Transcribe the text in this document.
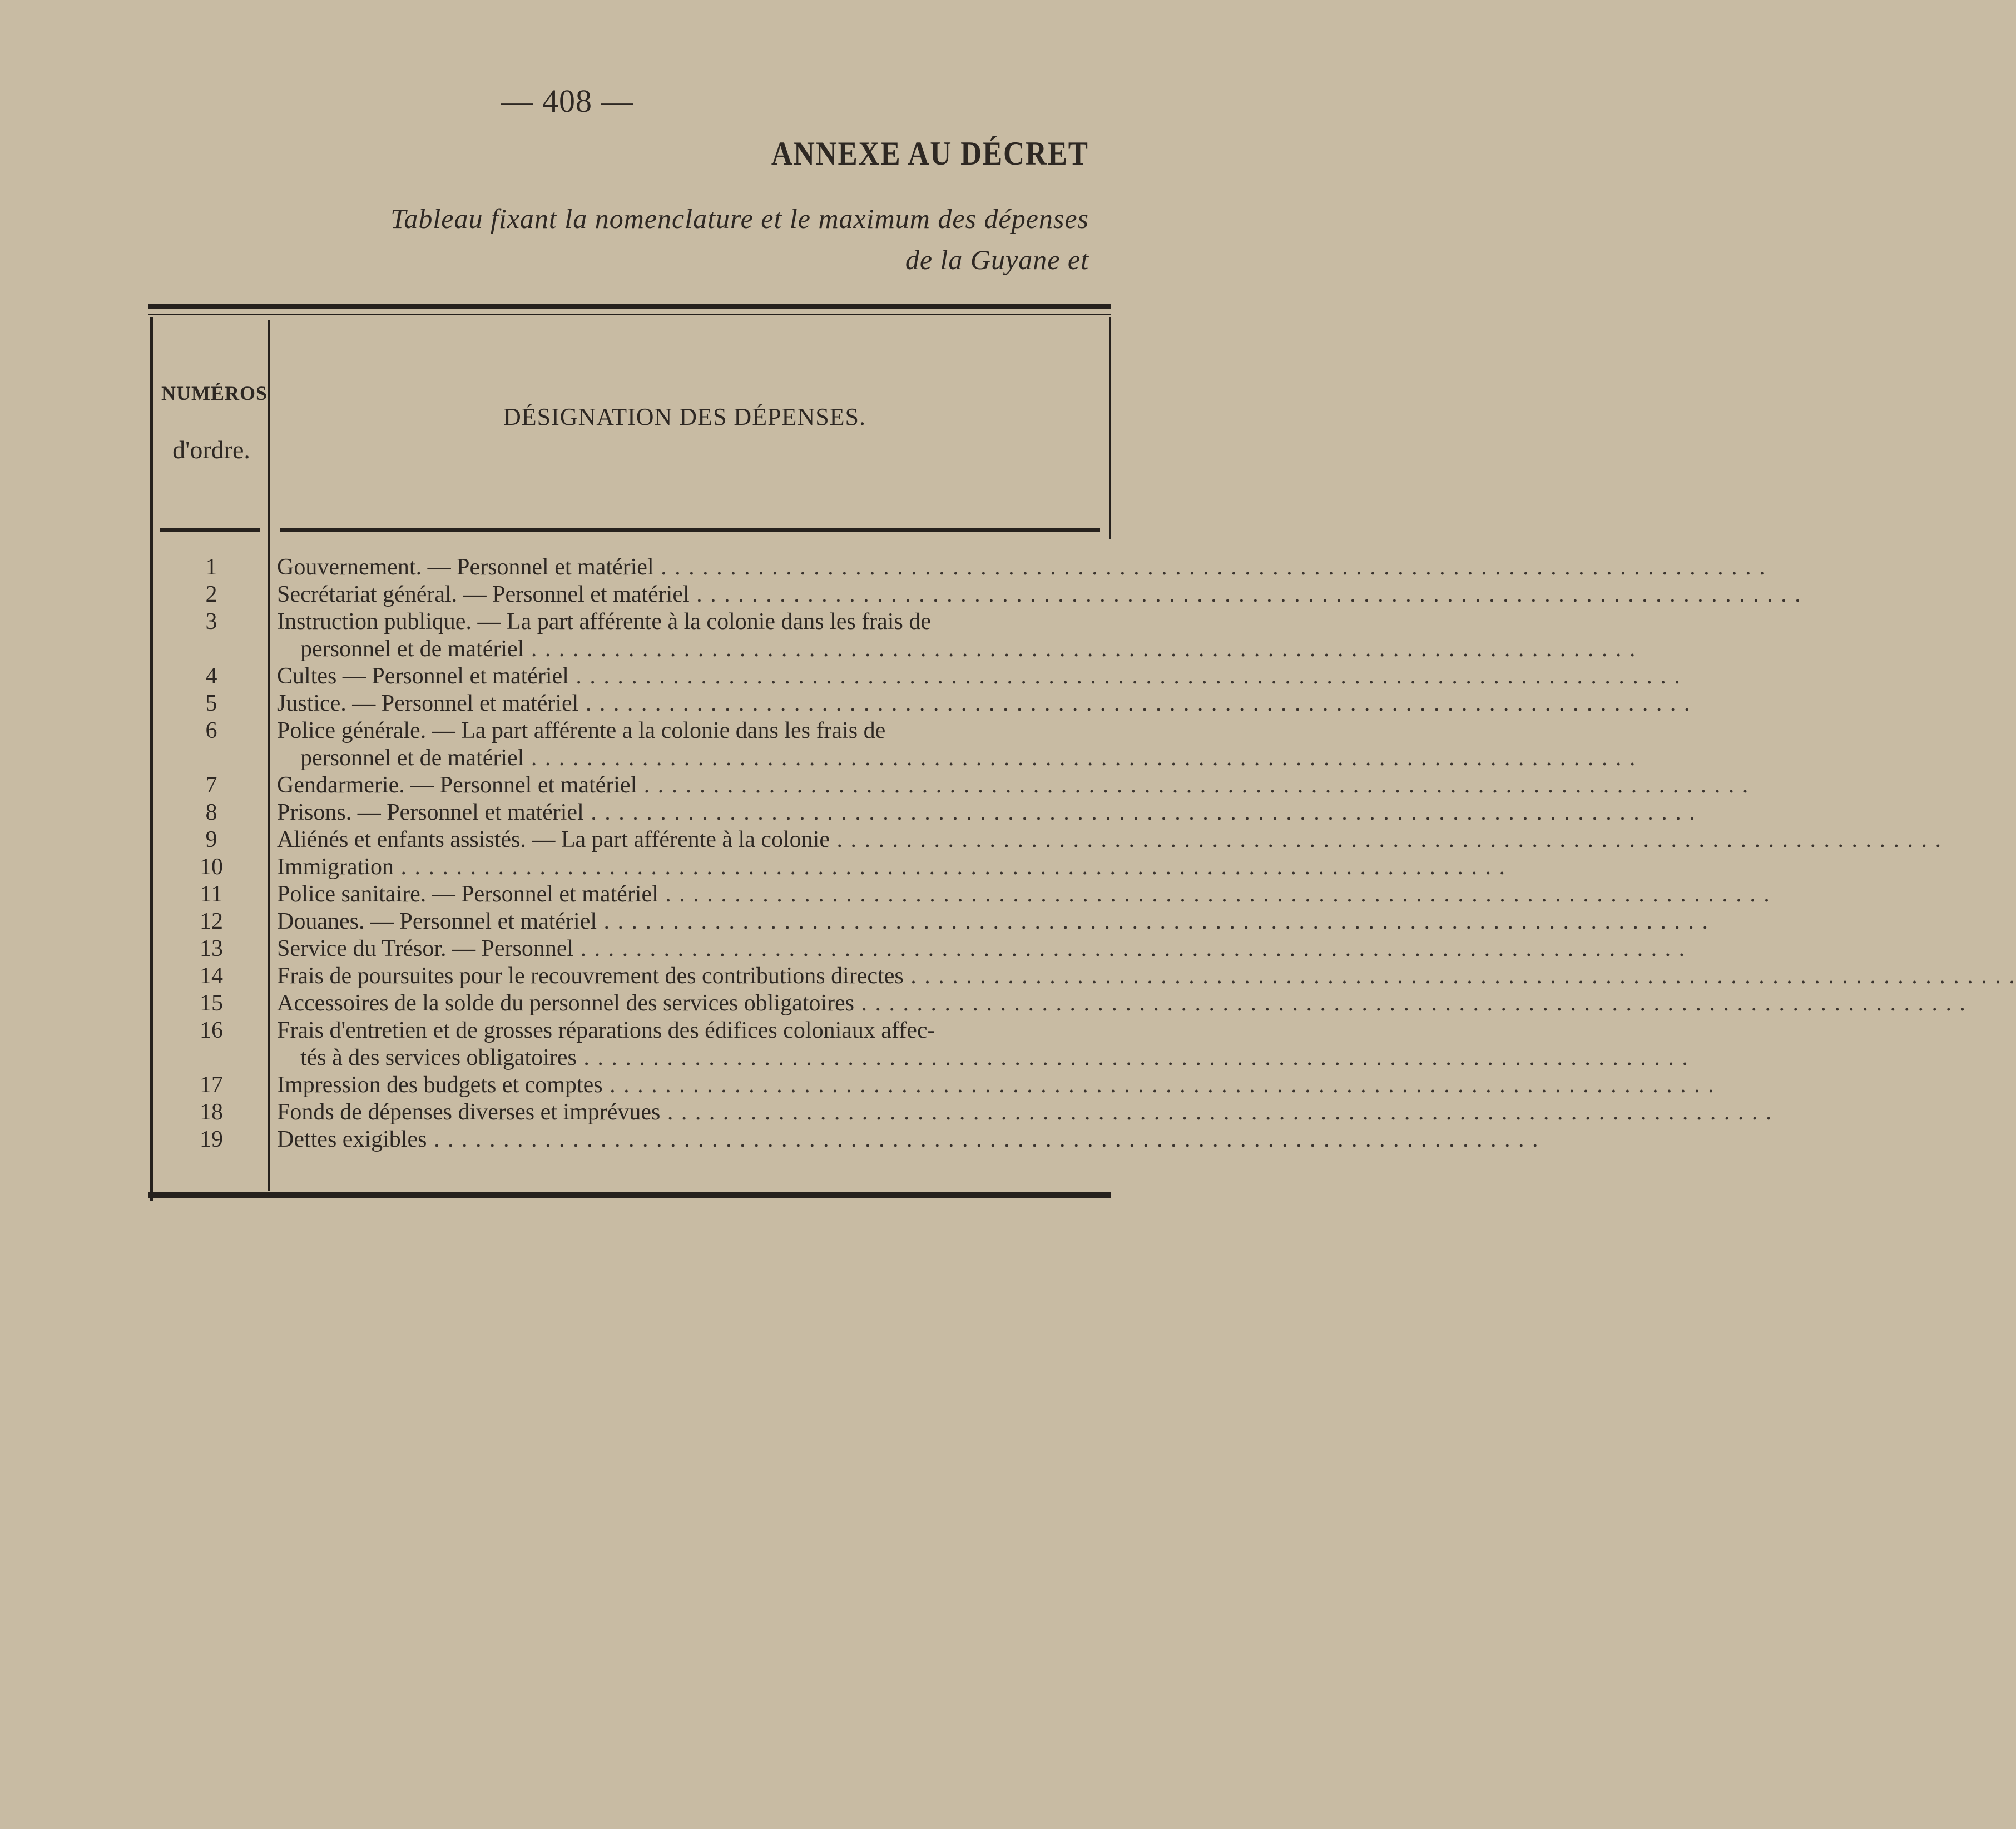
— 408 —
ANNEXE AU DÉCRET
Tableau fixant la nomenclature et le maximum des dépenses
de la Guyane et
NUMÉROS
d'ordre.
DÉSIGNATION DES DÉPENSES.
1	Gouvernement. — Personnel et matériel . . . . . . . . . . . . . . . . . . . . . . . . . . . . . . . . . . . . . . . . . . . . . . . . . . . . . . . . . . . . . . . . . . . . . . . . . . . . . . . .
2	Secrétariat général. — Personnel et matériel . . . . . . . . . . . . . . . . . . . . . . . . . . . . . . . . . . . . . . . . . . . . . . . . . . . . . . . . . . . . . . . . . . . . . . . . . . . . . . . .
3	Instruction publique. — La part afférente à la colonie dans les frais de
personnel et de matériel . . . . . . . . . . . . . . . . . . . . . . . . . . . . . . . . . . . . . . . . . . . . . . . . . . . . . . . . . . . . . . . . . . . . . . . . . . . . . . . .
4	Cultes — Personnel et matériel . . . . . . . . . . . . . . . . . . . . . . . . . . . . . . . . . . . . . . . . . . . . . . . . . . . . . . . . . . . . . . . . . . . . . . . . . . . . . . . .
5	Justice. — Personnel et matériel . . . . . . . . . . . . . . . . . . . . . . . . . . . . . . . . . . . . . . . . . . . . . . . . . . . . . . . . . . . . . . . . . . . . . . . . . . . . . . . .
6	Police générale. — La part afférente a la colonie dans les frais de
personnel et de matériel . . . . . . . . . . . . . . . . . . . . . . . . . . . . . . . . . . . . . . . . . . . . . . . . . . . . . . . . . . . . . . . . . . . . . . . . . . . . . . . .
7	Gendarmerie. — Personnel et matériel . . . . . . . . . . . . . . . . . . . . . . . . . . . . . . . . . . . . . . . . . . . . . . . . . . . . . . . . . . . . . . . . . . . . . . . . . . . . . . . .
8	Prisons. — Personnel et matériel . . . . . . . . . . . . . . . . . . . . . . . . . . . . . . . . . . . . . . . . . . . . . . . . . . . . . . . . . . . . . . . . . . . . . . . . . . . . . . . .
9	Aliénés et enfants assistés. — La part afférente à la colonie . . . . . . . . . . . . . . . . . . . . . . . . . . . . . . . . . . . . . . . . . . . . . . . . . . . . . . . . . . . . . . . . . . . . . . . . . . . . . . . .
10	Immigration . . . . . . . . . . . . . . . . . . . . . . . . . . . . . . . . . . . . . . . . . . . . . . . . . . . . . . . . . . . . . . . . . . . . . . . . . . . . . . . .
11	Police sanitaire. — Personnel et matériel . . . . . . . . . . . . . . . . . . . . . . . . . . . . . . . . . . . . . . . . . . . . . . . . . . . . . . . . . . . . . . . . . . . . . . . . . . . . . . . .
12	Douanes. — Personnel et matériel . . . . . . . . . . . . . . . . . . . . . . . . . . . . . . . . . . . . . . . . . . . . . . . . . . . . . . . . . . . . . . . . . . . . . . . . . . . . . . . .
13	Service du Trésor. — Personnel . . . . . . . . . . . . . . . . . . . . . . . . . . . . . . . . . . . . . . . . . . . . . . . . . . . . . . . . . . . . . . . . . . . . . . . . . . . . . . . .
14	Frais de poursuites pour le recouvrement des contributions directes . . . . . . . . . . . . . . . . . . . . . . . . . . . . . . . . . . . . . . . . . . . . . . . . . . . . . . . . . . . . . . . . . . . . . . . . . . . . . . . .
15	Accessoires de la solde du personnel des services obligatoires . . . . . . . . . . . . . . . . . . . . . . . . . . . . . . . . . . . . . . . . . . . . . . . . . . . . . . . . . . . . . . . . . . . . . . . . . . . . . . . .
16	Frais d'entretien et de grosses réparations des édifices coloniaux affec-
tés à des services obligatoires . . . . . . . . . . . . . . . . . . . . . . . . . . . . . . . . . . . . . . . . . . . . . . . . . . . . . . . . . . . . . . . . . . . . . . . . . . . . . . . .
17	Impression des budgets et comptes . . . . . . . . . . . . . . . . . . . . . . . . . . . . . . . . . . . . . . . . . . . . . . . . . . . . . . . . . . . . . . . . . . . . . . . . . . . . . . . .
18	Fonds de dépenses diverses et imprévues . . . . . . . . . . . . . . . . . . . . . . . . . . . . . . . . . . . . . . . . . . . . . . . . . . . . . . . . . . . . . . . . . . . . . . . . . . . . . . . .
19	Dettes exigibles . . . . . . . . . . . . . . . . . . . . . . . . . . . . . . . . . . . . . . . . . . . . . . . . . . . . . . . . . . . . . . . . . . . . . . . . . . . . . . . .
